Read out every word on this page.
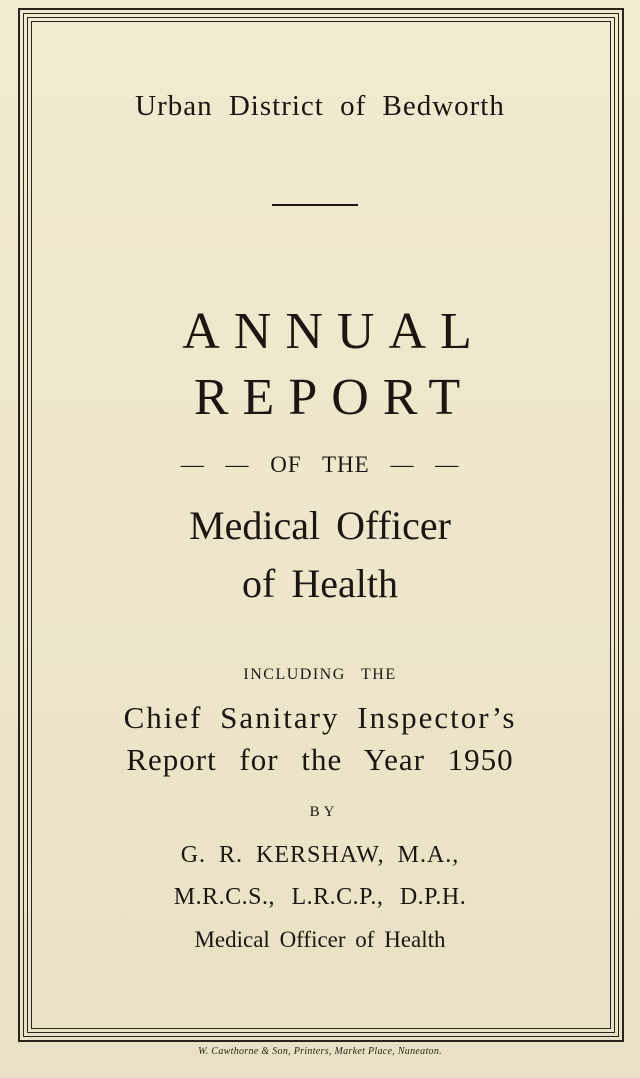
Urban District of Bedworth
ANNUAL
REPORT
— — OF THE — —
Medical Officer
of Health
INCLUDING THE
Chief Sanitary Inspector’s
Report for the Year 1950
BY
G. R. KERSHAW, M.A.,
M.R.C.S., L.R.C.P., D.P.H.
Medical Officer of Health
W. Cawthorne & Son, Printers, Market Place, Nuneaton.
